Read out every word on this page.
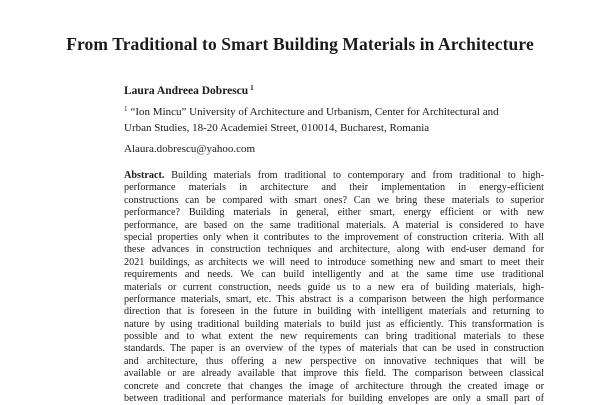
From Traditional to Smart Building Materials in Architecture
Laura Andreea Dobrescu $^1$
$^1$ “Ion Mincu” University of Architecture and Urbanism, Center for Architectural and
Urban Studies, 18-20 Academiei Street, 010014, Bucharest, Romania
Alaura.dobrescu@yahoo.com
Abstract. Building materials from traditional to contemporary and from traditional to high-
performance materials in architecture and their implementation in energy-efficient
constructions can be compared with smart ones? Can we bring these materials to superior
performance? Building materials in general, either smart, energy efficient or with new
performance, are based on the same traditional materials. A material is considered to have
special properties only when it contributes to the improvement of construction criteria. With all
these advances in construction techniques and architecture, along with end-user demand for
2021 buildings, as architects we will need to introduce something new and smart to meet their
requirements and needs. We can build intelligently and at the same time use traditional
materials or current construction, needs guide us to a new era of building materials, high-
performance materials, smart, etc. This abstract is a comparison between the high performance
direction that is foreseen in the future in building with intelligent materials and returning to
nature by using traditional building materials to build just as efficiently. This transformation is
possible and to what extent the new requirements can bring traditional materials to these
standards. The paper is an overview of the types of materials that can be used in construction
and architecture, thus offering a new perspective on innovative techniques that will be
available or are already available that improve this field. The comparison between classical
concrete and concrete that changes the image of architecture through the created image or
between traditional and performance materials for building envelopes are only a small part of
